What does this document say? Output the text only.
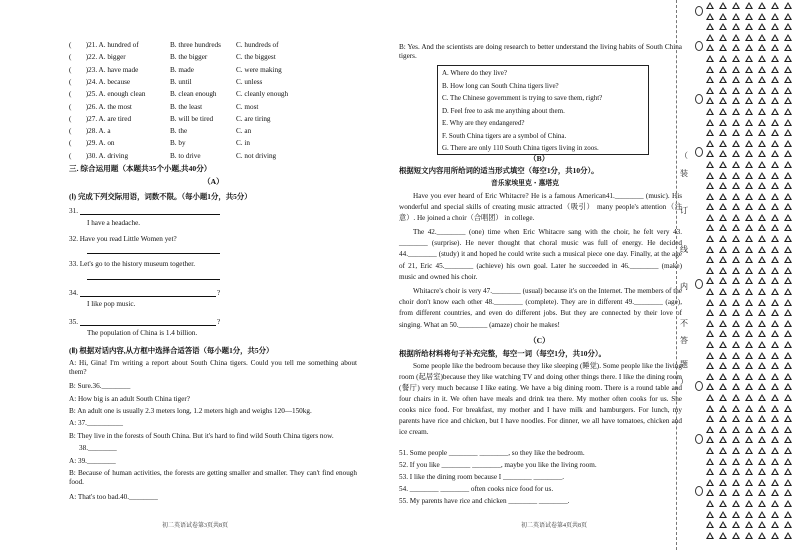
(　　)21. A. hundred of	B. three hundreds C. hundreds of
(　　)22. A. bigger	B. the bigger	C. the biggest
(　　)23. A. have made	B. made	C. were making
(　　)24. A. because	B. until	C. unless
(　　)25. A. enough clean	B. clean enough	C. cleanly enough
(　　)26. A. the most	B. the least	C. most
(　　)27. A. are tired	B. will be tired	C. are tiring
(　　)28. A. a	B. the	C. an
(　　)29. A. on	B. by	C. in
(　　)30. A. driving	B. to drive	C. not driving
三. 综合运用题（本题共35个小题,共40分）
（A）
(Ⅰ) 完成下列交际用语，词数不限。（每小题1分，共5分）
31.
I have a headache.
32. Have you read Little Women yet?
33. Let's go to the history museum together.
34.	?
I like pop music.
35.	?
The population of China is 1.4 billion.
(Ⅱ) 根据对话内容,从方框中选择合适答语（每小题1分，共5分）
A: Hi, Gina! I'm writing a report about South China tigers. Could you tell me something about them?
B: Sure.36.________
A: How big is an adult South China tiger?
B: An adult one is usually 2.3 meters long, 1.2 meters high and weighs 120—150kg.
A: 37.__________
B: They live in the forests of South China. But it's hard to find wild South China tigers now.
38.________
A: 39.________
B: Because of human activities, the forests are getting smaller and smaller. They can't find enough food.
A: That's too bad.40.________
初二英语试卷第3页共8页
B: Yes. And the scientists are doing research to better understand the living habits of South China tigers.
A. Where do they live?
B. How long can South China tigers live?
C. The Chinese government is trying to save them, right?
D. Feel free to ask me anything about them.
E. Why are they endangered?
F. South China tigers are a symbol of China.
G. There are only 110 South China tigers living in zoos.
（B）
根据短文内容用所给词的适当形式填空（每空1分，共10分）。
音乐家埃里克・惠塔克
Have you ever heard of Eric Whitacre? He is a famous American41.________ (music). His wonderful and special skills of creating music attracted（吸引） many people's attention（注意）. He joined a choir（合唱团） in college.
The 42.________ (one) time when Eric Whitacre sang with the choir, he felt very 43. ________ (surprise). He never thought that choral music was full of energy. He decided 44.________ (study) it and hoped he could write such a musical piece one day. Finally, at the age of 21, Eric 45.________ (achieve) his own goal. Later he succeeded in 46.________ (make) music and owned his choir.
Whitacre's choir is very 47.________ (usual) because it's on the Internet. The members of the choir don't know each other 48.________ (complete). They are in different 49.________ (age), from different countries, and even do different jobs. But they are connected by their love of singing. What an 50.________ (amaze) choir he makes!
（C）
根据所给材料将句子补充完整，每空一词（每空1分，共10分）。
Some people like the bedroom because they like sleeping (睡觉). Some people like the living room (起居室)because they like watching TV and doing other things there. I like the dining room (餐厅) very much because I like eating. We have a big dining room. There is a round table and four chairs in it. We often have meals and drink tea there. My mother often cooks for us. She cooks nice food. For breakfast, my mother and I have milk and hamburgers. For lunch, my parents have rice and chicken, but I have noodles. For dinner, we all have tomatoes, chicken and ice cream.
51. Some people ________ ________, so they like the bedroom.
52. If you like ________ ________, maybe you like the living room.
53. I like the dining room because I ________ ________.
54. ________ ________ often cooks nice food for us.
55. My parents have rice and chicken ________ ________.
初二英语试卷第4页共8页
（
装
订
线
内
不
答
题
）
